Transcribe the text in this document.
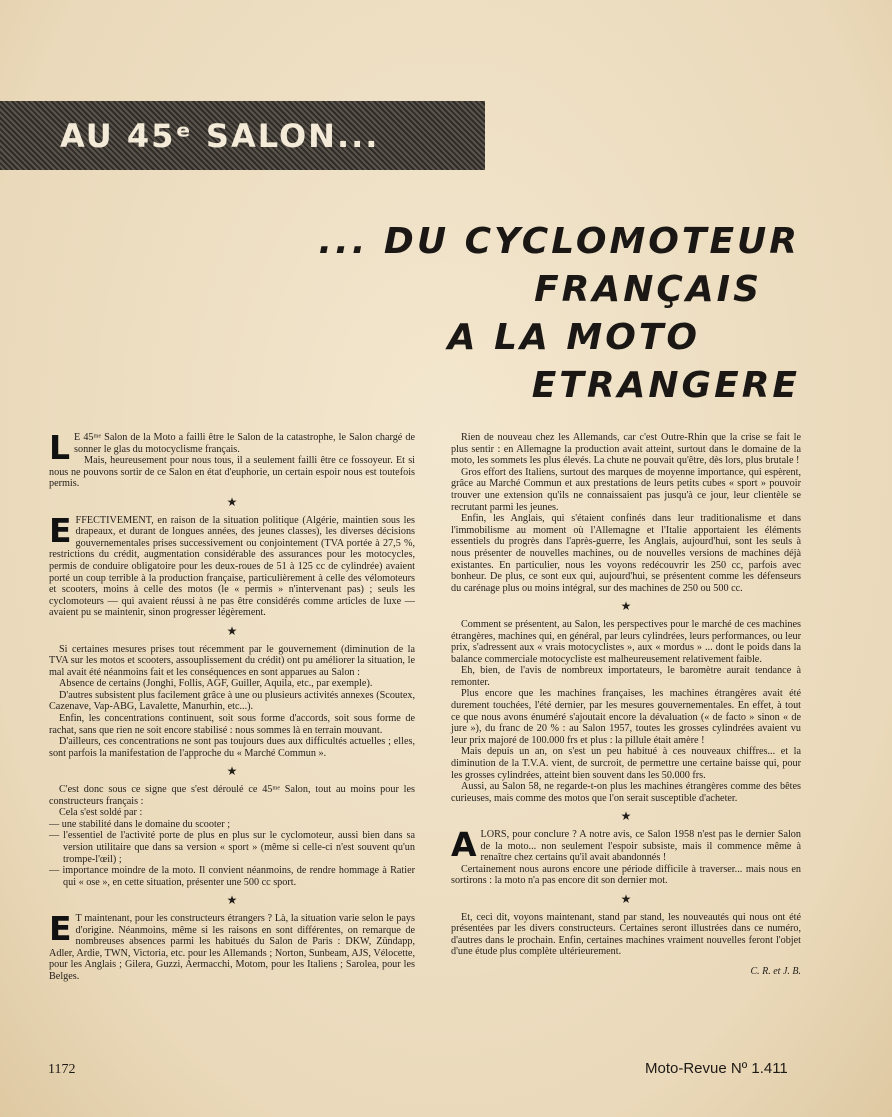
AU 45ᵉ SALON...
... DU CYCLOMOTEUR
FRANÇAIS
A LA MOTO
ETRANGERE

L E 45ᵐᵉ Salon de la Moto a failli être le Salon de la catastrophe, le Salon chargé de sonner le glas du motocyclisme français.

Mais, heureusement pour nous tous, il a seulement failli être ce fossoyeur. Et si nous ne pouvons sortir de ce Salon en état d'euphorie, un certain espoir nous est toutefois permis.

★

EFFECTIVEMENT, en raison de la situation politique (Algérie, maintien sous les drapeaux, et durant de longues années, des jeunes classes), les diverses décisions gouvernementales prises successivement ou conjointement (TVA portée à 27,5 %, restrictions du crédit, augmentation considérable des assurances pour les motocycles, permis de conduire obligatoire pour les deux-roues de 51 à 125 cc de cylindrée) avaient porté un coup terrible à la production française, particulièrement à celle des vélomoteurs et scooters, moins à celle des motos (le « permis » n'intervenant pas) ; seuls les cyclomoteurs — qui avaient réussi à ne pas être considérés comme articles de luxe — avaient pu se maintenir, sinon progresser légèrement.

★

Si certaines mesures prises tout récemment par le gouvernement (diminution de la TVA sur les motos et scooters, assouplissement du crédit) ont pu améliorer la situation, le mal avait été néanmoins fait et les conséquences en sont apparues au Salon :

Absence de certains (Jonghi, Follis, AGF, Guiller, Aquila, etc., par exemple).

D'autres subsistent plus facilement grâce à une ou plusieurs activités annexes (Scoutex, Cazenave, Vap-ABG, Lavalette, Manurhin, etc...).

Enfin, les concentrations continuent, soit sous forme d'accords, soit sous forme de rachat, sans que rien ne soit encore stabilisé : nous sommes là en terrain mouvant.

D'ailleurs, ces concentrations ne sont pas toujours dues aux difficultés actuelles ; elles, sont parfois la manifestation de l'approche du « Marché Commun ».

★

C'est donc sous ce signe que s'est déroulé ce 45ᵐᵉ Salon, tout au moins pour les constructeurs français :

Cela s'est soldé par :

— une stabilité dans le domaine du scooter ;

— l'essentiel de l'activité porte de plus en plus sur le cyclomoteur, aussi bien dans sa version utilitaire que dans sa version « sport » (même si celle-ci n'est souvent qu'un trompe-l'œil) ;

— importance moindre de la moto. Il convient néanmoins, de rendre hommage à Ratier qui « ose », en cette situation, présenter une 500 cc sport.

★

E T maintenant, pour les constructeurs étrangers ? Là, la situation varie selon le pays d'origine. Néanmoins, même si les raisons en sont différentes, on remarque de nombreuses absences parmi les habitués du Salon de Paris : DKW, Zündapp, Adler, Ardie, TWN, Victoria, etc. pour les Allemands ; Norton, Sunbeam, AJS, Vélocette, pour les Anglais ; Gilera, Guzzi, Aermacchi, Motom, pour les Italiens ; Sarolea, pour les Belges.

Rien de nouveau chez les Allemands, car c'est Outre-Rhin que la crise se fait le plus sentir : en Allemagne la production avait atteint, surtout dans le domaine de la moto, les sommets les plus élevés. La chute ne pouvait qu'être, dès lors, plus brutale !

Gros effort des Italiens, surtout des marques de moyenne importance, qui espèrent, grâce au Marché Commun et aux prestations de leurs petits cubes « sport » pouvoir trouver une extension qu'ils ne connaissaient pas jusqu'à ce jour, leur clientèle se recrutant parmi les jeunes.

Enfin, les Anglais, qui s'étaient confinés dans leur traditionalisme et dans l'immobilisme au moment où l'Allemagne et l'Italie apportaient les éléments essentiels du progrès dans l'après-guerre, les Anglais, aujourd'hui, sont les seuls à nous présenter de nouvelles machines, ou de nouvelles versions de machines déjà existantes. En particulier, nous les voyons redécouvrir les 250 cc, parfois avec bonheur. De plus, ce sont eux qui, aujourd'hui, se présentent comme les défenseurs du carénage plus ou moins intégral, sur des machines de 250 ou 500 cc.

★

Comment se présentent, au Salon, les perspectives pour le marché de ces machines étrangères, machines qui, en général, par leurs cylindrées, leurs performances, ou leur prix, s'adressent aux « vrais motocyclistes », aux « mordus » ... dont le poids dans la balance commerciale motocycliste est malheureusement relativement faible.

Eh, bien, de l'avis de nombreux importateurs, le baromètre aurait tendance à remonter.

Plus encore que les machines françaises, les machines étrangères avait été durement touchées, l'été dernier, par les mesures gouvernementales. En effet, à tout ce que nous avons énuméré s'ajoutait encore la dévaluation (« de facto » sinon « de jure »), du franc de 20 % : au Salon 1957, toutes les grosses cylindrées avaient vu leur prix majoré de 100.000 frs et plus : la pillule était amère !

Mais depuis un an, on s'est un peu habitué à ces nouveaux chiffres... et la diminution de la T.V.A. vient, de surcroit, de permettre une certaine baisse qui, pour les grosses cylindrées, atteint bien souvent dans les 50.000 frs.

Aussi, au Salon 58, ne regarde-t-on plus les machines étrangères comme des bêtes curieuses, mais comme des motos que l'on serait susceptible d'acheter.

★

ALORS, pour conclure ? A notre avis, ce Salon 1958 n'est pas le dernier Salon de la moto... non seulement l'espoir subsiste, mais il commence même à renaître chez certains qu'il avait abandonnés !

Certainement nous aurons encore une période difficile à traverser... mais nous en sortirons : la moto n'a pas encore dit son dernier mot.

★

Et, ceci dit, voyons maintenant, stand par stand, les nouveautés qui nous ont été présentées par les divers constructeurs. Certaines seront illustrées dans ce numéro, d'autres dans le prochain. Enfin, certaines machines vraiment nouvelles feront l'objet d'une étude plus complète ultérieurement.

C. R. et J. B.
1172	Moto-Revue Nº 1.411
